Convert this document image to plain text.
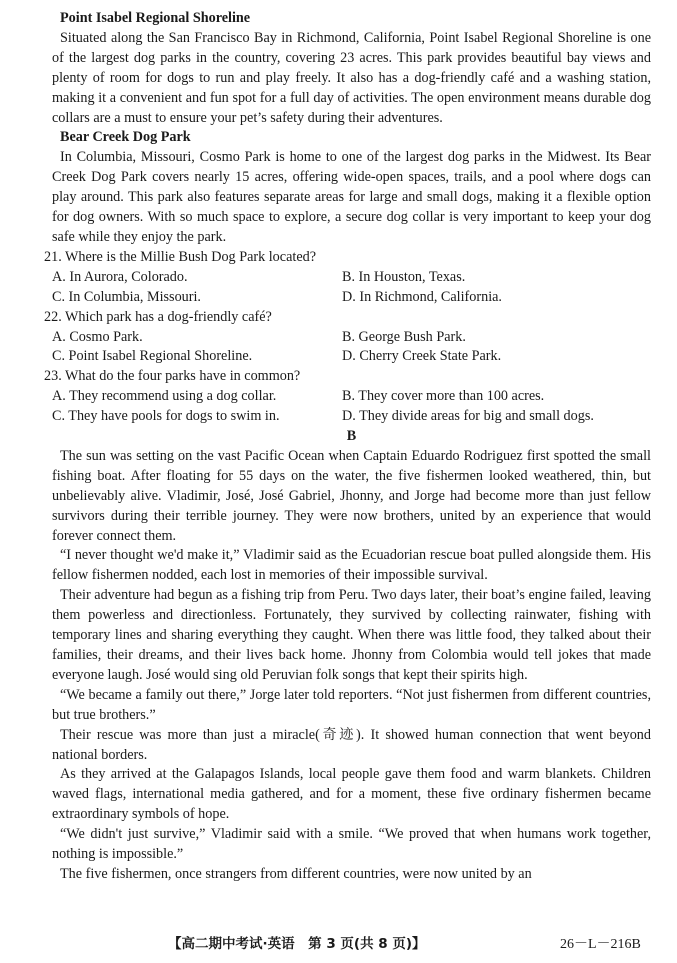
Point Isabel Regional Shoreline

Situated along the San Francisco Bay in Richmond, California, Point Isabel Regional Shoreline is one of the largest dog parks in the country, covering 23 acres. This park provides beautiful bay views and plenty of room for dogs to run and play freely. It also has a dog-friendly café and a washing station, making it a convenient and fun spot for a full day of activities. The open environment means durable dog collars are a must to ensure your pet’s safety during their adventures.

Bear Creek Dog Park

In Columbia, Missouri, Cosmo Park is home to one of the largest dog parks in the Midwest. Its Bear Creek Dog Park covers nearly 15 acres, offering wide-open spaces, trails, and a pool where dogs can play around. This park also features separate areas for large and small dogs, making it a flexible option for dog owners. With so much space to explore, a secure dog collar is very important to keep your dog safe while they enjoy the park.

21. Where is the Millie Bush Dog Park located?

A. In Aurora, Colorado.	B. In Houston, Texas.
C. In Columbia, Missouri.	D. In Richmond, California.

22. Which park has a dog-friendly café?

A. Cosmo Park.	B. George Bush Park.
C. Point Isabel Regional Shoreline.	D. Cherry Creek State Park.

23. What do the four parks have in common?

A. They recommend using a dog collar.	B. They cover more than 100 acres.
C. They have pools for dogs to swim in.	D. They divide areas for big and small dogs.

B

The sun was setting on the vast Pacific Ocean when Captain Eduardo Rodriguez first spotted the small fishing boat. After floating for 55 days on the water, the five fishermen looked weathered, thin, but unbelievably alive. Vladimir, José, José Gabriel, Jhonny, and Jorge had become more than just fellow survivors during their terrible journey. They were now brothers, united by an experience that would forever connect them.

“I never thought we'd make it,” Vladimir said as the Ecuadorian rescue boat pulled alongside them. His fellow fishermen nodded, each lost in memories of their impossible survival.

Their adventure had begun as a fishing trip from Peru. Two days later, their boat’s engine failed, leaving them powerless and directionless. Fortunately, they survived by collecting rainwater, fishing with temporary lines and sharing everything they caught. When there was little food, they talked about their families, their dreams, and their lives back home. Jhonny from Colombia would tell jokes that made everyone laugh. José would sing old Peruvian folk songs that kept their spirits high.

“We became a family out there,” Jorge later told reporters. “Not just fishermen from different countries, but true brothers.”

Their rescue was more than just a miracle(奇迹). It showed human connection that went beyond national borders.

As they arrived at the Galapagos Islands, local people gave them food and warm blankets. Children waved flags, international media gathered, and for a moment, these five ordinary fishermen became extraordinary symbols of hope.

“We didn't just survive,” Vladimir said with a smile. “We proved that when humans work together, nothing is impossible.”

The five fishermen, once strangers from different countries, were now united by an

【高二期中考试·英语　第 3 页(共 8 页)】	26－L－216B
